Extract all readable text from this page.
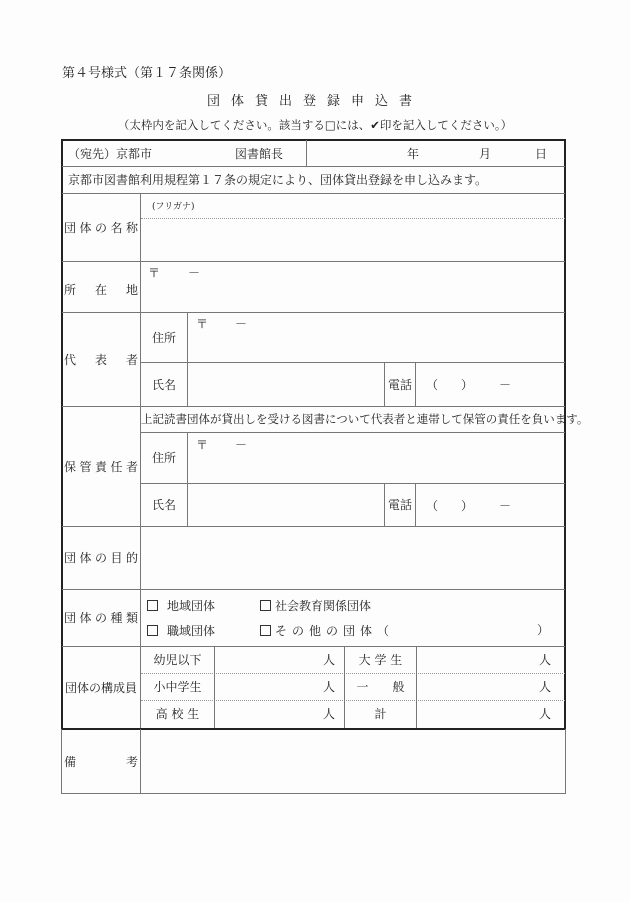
第４号様式（第１７条関係）
団体貸出登録申込書
（太枠内を記入してください。該当する□には、✔印を記入してください。）
（宛先）京都市	図書館長	年	月	日
京都市図書館利用規程第１７条の規定により、団体貸出登録を申し込みます。
団 体 の 名 称
(フリガナ)
所 在 地
〒 －
代 表 者
住所
〒 －
氏名	電話 （ ） －
保 管 責 任 者
上記読書団体が貸出しを受ける図書について代表者と連帯して保管の責任を負います。
住所
〒 －
氏名	電話 （ ） －
団 体 の 目 的
団 体 の 種 類
地域団体	社会教育関係団体
職域団体	その他の団体（	）
団体の構成員
幼児以下	人	大 学 生	人
小中学生	人	一　　般	人
高 校 生	人	計	人
備	考
